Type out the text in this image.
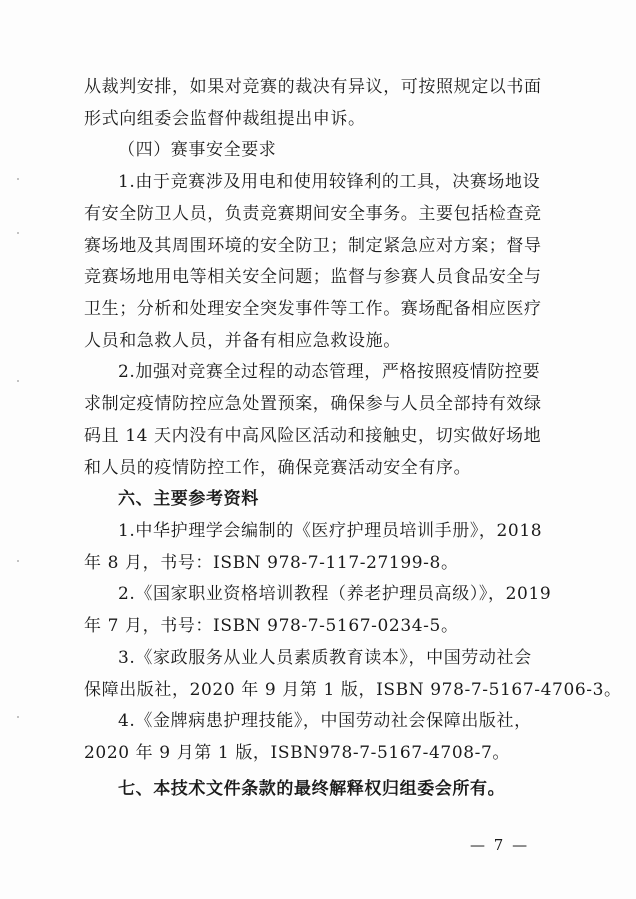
从裁判安排，如果对竞赛的裁决有异议，可按照规定以书面
形式向组委会监督仲裁组提出申诉。
（四）赛事安全要求
1.由于竞赛涉及用电和使用较锋利的工具，决赛场地设
有安全防卫人员，负责竞赛期间安全事务。主要包括检查竞
赛场地及其周围环境的安全防卫；制定紧急应对方案；督导
竞赛场地用电等相关安全问题；监督与参赛人员食品安全与
卫生；分析和处理安全突发事件等工作。赛场配备相应医疗
人员和急救人员，并备有相应急救设施。
2.加强对竞赛全过程的动态管理，严格按照疫情防控要
求制定疫情防控应急处置预案，确保参与人员全部持有效绿
码且 14 天内没有中高风险区活动和接触史，切实做好场地
和人员的疫情防控工作，确保竞赛活动安全有序。
六、主要参考资料
1.中华护理学会编制的《医疗护理员培训手册》，2018
年 8 月，书号：ISBN 978-7-117-27199-8。
2.《国家职业资格培训教程（养老护理员高级）》，2019
年 7 月，书号：ISBN 978-7-5167-0234-5。
3.《家政服务从业人员素质教育读本》，中国劳动社会
保障出版社，2020 年 9 月第 1 版，ISBN 978-7-5167-4706-3。
4.《金牌病患护理技能》，中国劳动社会保障出版社，
2020 年 9 月第 1 版，ISBN978-7-5167-4708-7。
七、本技术文件条款的最终解释权归组委会所有。
— 7 —
